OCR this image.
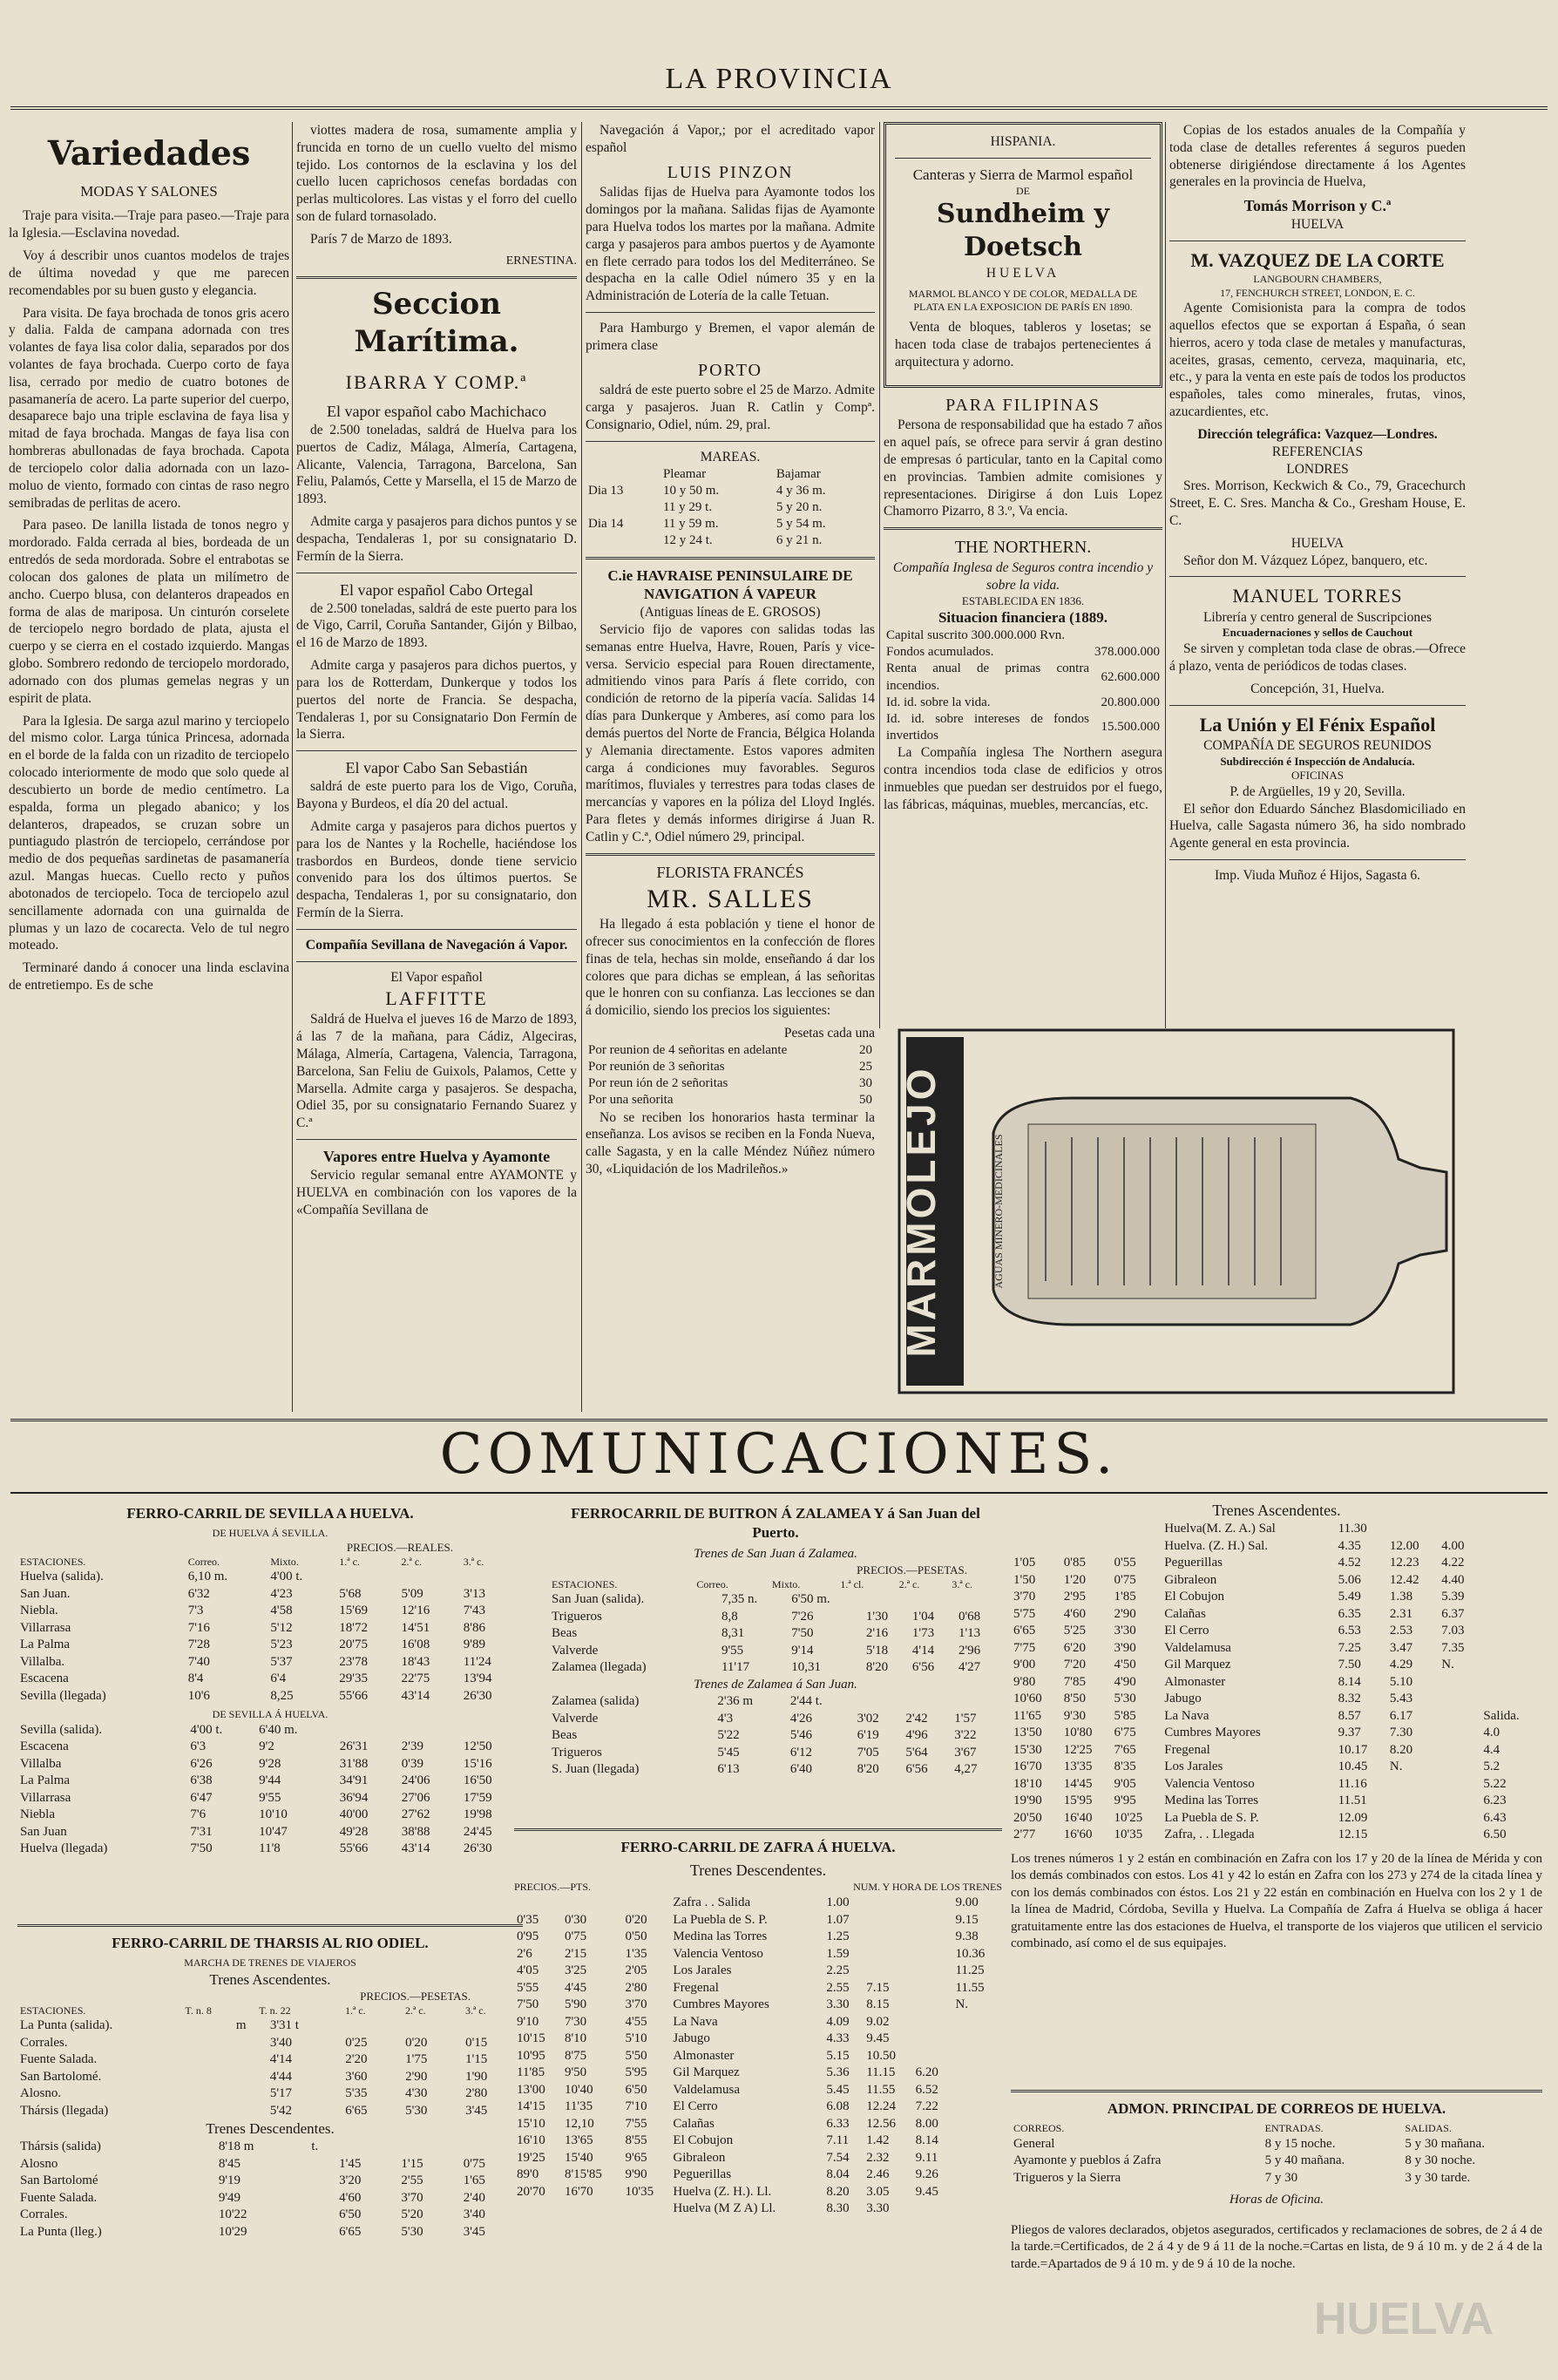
LA PROVINCIA
Variedades
MODAS Y SALONES

Traje para visita.—Traje para paseo.—Traje para la Iglesia.—Esclavina novedad.

Voy á describir unos cuantos modelos de trajes de última novedad y que me parecen recomendables por su buen gusto y elegancia.

Para visita. De faya brochada de tonos gris acero y dalia. Falda de campana adornada con tres volantes de faya lisa color dalia, separados por dos volantes de faya brochada. Cuerpo corto de faya lisa, cerrado por medio de cuatro botones de pasamanería de acero. La parte superior del cuerpo, desaparece bajo una triple esclavina de faya lisa y mitad de faya brochada. Mangas de faya lisa con hombreras abullonadas de faya brochada. Capota de terciopelo color dalia adornada con un lazo-moluo de viento, formado con cintas de raso negro semibradas de perlitas de acero.

Para paseo. De lanilla listada de tonos negro y mordorado. Falda cerrada al bies, bordeada de un entredós de seda mordorada. Sobre el entrabotas se colocan dos galones de plata un milímetro de ancho. Cuerpo blusa, con delanteros drapeados en forma de alas de mariposa. Un cinturón corselete de terciopelo negro bordado de plata, ajusta el cuerpo y se cierra en el costado izquierdo. Mangas globo. Sombrero redondo de terciopelo mordorado, adornado con dos plumas gemelas negras y un espirit de plata.

Para la Iglesia. De sarga azul marino y terciopelo del mismo color. Larga túnica Princesa, adornada en el borde de la falda con un rizadito de terciopelo colocado interiormente de modo que solo quede al descubierto un borde de medio centímetro. La espalda, forma un plegado abanico; y los delanteros, drapeados, se cruzan sobre un puntiagudo plastrón de terciopelo, cerrándose por medio de dos pequeñas sardinetas de pasamanería azul. Mangas huecas. Cuello recto y puños abotonados de terciopelo. Toca de terciopelo azul sencillamente adornada con una guirnalda de plumas y un lazo de cocarecta. Velo de tul negro moteado.

Terminaré dando á conocer una linda esclavina de entretiempo. Es de sche

viottes madera de rosa, sumamente amplia y fruncida en torno de un cuello vuelto del mismo tejido. Los contornos de la esclavina y los del cuello lucen caprichosos cenefas bordadas con perlas multicolores. Las vistas y el forro del cuello son de fulard tornasolado.

París 7 de Marzo de 1893.

ERNESTINA.
Seccion Marítima.
IBARRA Y COMP.ª
El vapor español cabo Machichaco

de 2.500 toneladas, saldrá de Huelva para los puertos de Cadiz, Málaga, Almería, Cartagena, Alicante, Valencia, Tarragona, Barcelona, San Feliu, Palamós, Cette y Marsella, el 15 de Marzo de 1893.

Admite carga y pasajeros para dichos puntos y se despacha, Tendaleras 1, por su consignatario D. Fermín de la Sierra.

El vapor español Cabo Ortegal

de 2.500 toneladas, saldrá de este puerto para los de Vigo, Carril, Coruña Santander, Gijón y Bilbao, el 16 de Marzo de 1893.

Admite carga y pasajeros para dichos puertos, y para los de Rotterdam, Dunkerque y todos los puertos del norte de Francia. Se despacha, Tendaleras 1, por su Consignatario Don Fermín de la Sierra.

El vapor Cabo San Sebastián

saldrá de este puerto para los de Vigo, Coruña, Bayona y Burdeos, el día 20 del actual.

Admite carga y pasajeros para dichos puertos y para los de Nantes y la Rochelle, haciéndose los trasbordos en Burdeos, donde tiene servicio convenido para los dos últimos puertos. Se despacha, Tendaleras 1, por su consignatario, don Fermín de la Sierra.

Compañía Sevillana de Navegación á Vapor.
El Vapor español
LAFFITTE

Saldrá de Huelva el jueves 16 de Marzo de 1893, á las 7 de la mañana, para Cádiz, Algeciras, Málaga, Almería, Cartagena, Valencia, Tarragona, Barcelona, San Feliu de Guixols, Palamos, Cette y Marsella. Admite carga y pasajeros. Se despacha, Odiel 35, por su consignatario Fernando Suarez y C.ª

Vapores entre Huelva y Ayamonte

Servicio regular semanal entre AYAMONTE y HUELVA en combinación con los vapores de la «Compañía Sevillana de

Navegación á Vapor,; por el acreditado vapor español

LUIS PINZON

Salidas fijas de Huelva para Ayamonte todos los domingos por la mañana. Salidas fijas de Ayamonte para Huelva todos los martes por la mañana. Admite carga y pasajeros para ambos puertos y de Ayamonte en flete cerrado para todos los del Mediterráneo. Se despacha en la calle Odiel número 35 y en la Administración de Lotería de la calle Tetuan.

Para Hamburgo y Bremen, el vapor alemán de primera clase

PORTO

saldrá de este puerto sobre el 25 de Marzo. Admite carga y pasajeros. Juan R. Catlin y Compª. Consignario, Odiel, núm. 29, pral.

MAREAS.
	Pleamar	Bajamar
Dia 13	10 y 50 m.	4 y 36 m.
	11 y 29 t.	5 y 20 n.
Dia 14	11 y 59 m.	5 y 54 m.
	12 y 24 t.	6 y 21 n.
C.ie HAVRAISE PENINSULAIRE DE NAVIGATION Á VAPEUR
(Antiguas líneas de E. GROSOS)

Servicio fijo de vapores con salidas todas las semanas entre Huelva, Havre, Rouen, París y vice-versa. Servicio especial para Rouen directamente, admitiendo vinos para París á flete corrido, con condición de retorno de la pipería vacía. Salidas 14 días para Dunkerque y Amberes, así como para los demás puertos del Norte de Francia, Bélgica Holanda y Alemania directamente. Estos vapores admiten carga á condiciones muy favorables. Seguros marítimos, fluviales y terrestres para todas clases de mercancías y vapores en la póliza del Lloyd Inglés. Para fletes y demás informes dirigirse á Juan R. Catlin y C.ª, Odiel número 29, principal.

FLORISTA FRANCÉS
MR. SALLES

Ha llegado á esta población y tiene el honor de ofrecer sus conocimientos en la confección de flores finas de tela, hechas sin molde, enseñando á dar los colores que para dichas se emplean, á las señoritas que le honren con su confianza. Las lecciones se dan á domicilio, siendo los precios los siguientes:

Pesetas cada una
Por reunion de 4 señoritas en adelante	20
Por reunión de 3 señoritas	25
Por reun ión de 2 señoritas	30
Por una señorita	50

No se reciben los honorarios hasta terminar la enseñanza. Los avisos se reciben en la Fonda Nueva, calle Sagasta, y en la calle Méndez Núñez número 30, «Liquidación de los Madrileños.»

HISPANIA.
Canteras y Sierra de Marmol español
DE
Sundheim y Doetsch
HUELVA
MARMOL BLANCO Y DE COLOR, MEDALLA DE PLATA EN LA EXPOSICION DE PARÍS EN 1890.

Venta de bloques, tableros y losetas; se hacen toda clase de trabajos pertenecientes á arquitectura y adorno.

PARA FILIPINAS

Persona de responsabilidad que ha estado 7 años en aquel país, se ofrece para servir á gran destino de empresas ó particular, tanto en la Capital como en provincias. Tambien admite comisiones y representaciones. Dirigirse á don Luis Lopez Chamorro Pizarro, 8 3.º, Va encia.

THE NORTHERN.
Compañía Inglesa de Seguros contra incendio y sobre la vida.
ESTABLECIDA EN 1836.
Situacion financiera (1889.
Capital suscrito 300.000.000 Rvn.	
Fondos acumulados.	378.000.000
Renta anual de primas contra incendios.	62.600.000
Id. id. sobre la vida.	20.800.000
Id. id. sobre intereses de fondos invertidos	15.500.000

La Compañía inglesa The Northern asegura contra incendios toda clase de edificios y otros inmuebles que puedan ser destruidos por el fuego, las fábricas, máquinas, muebles, mercancías, etc.

Copias de los estados anuales de la Compañía y toda clase de detalles referentes á seguros pueden obtenerse dirigiéndose directamente á los Agentes generales en la provincia de Huelva,

Tomás Morrison y C.ª
HUELVA
M. VAZQUEZ DE LA CORTE
LANGBOURN CHAMBERS,
17, FENCHURCH STREET, LONDON, E. C.

Agente Comisionista para la compra de todos aquellos efectos que se exportan á España, ó sean hierros, acero y toda clase de metales y manufacturas, aceites, grasas, cemento, cerveza, maquinaria, etc, etc., y para la venta en este país de todos los productos españoles, tales como minerales, frutas, vinos, azucardientes, etc.

Dirección telegráfica: Vazquez—Londres.
REFERENCIAS
LONDRES

Sres. Morrison, Keckwich & Co., 79, Gracechurch Street, E. C. Sres. Mancha & Co., Gresham House, E. C.

HUELVA

Señor don M. Vázquez López, banquero, etc.

MANUEL TORRES
Librería y centro general de Suscripciones
Encuadernaciones y sellos de Cauchout

Se sirven y completan toda clase de obras.—Ofrece á plazo, venta de periódicos de todas clases.

Concepción, 31, Huelva.
La Unión y El Fénix Español
COMPAÑÍA DE SEGUROS REUNIDOS
Subdirección é Inspección de Andalucía.
OFICINAS
P. de Argüelles, 19 y 20, Sevilla.

El señor don Eduardo Sánchez Blasdomiciliado en Huelva, calle Sagasta número 36, ha sido nombrado Agente general en esta provincia.

Imp. Viuda Muñoz é Hijos, Sagasta 6.
MARMOLEJO	AGUAS MINERO-MEDICINALES
COMUNICACIONES.
FERRO-CARRIL DE SEVILLA A HUELVA.
DE HUELVA Á SEVILLA.
PRECIOS.—REALES.
ESTACIONES.	Correo.	Mixto.	1.ª c.	2.ª c.	3.ª c.
Huelva (salida).	6,10 m.	4'00 t.			
San Juan.	6'32	4'23	5'68	5'09	3'13
Niebla.	7'3	4'58	15'69	12'16	7'43
Villarrasa	7'16	5'12	18'72	14'51	8'86
La Palma	7'28	5'23	20'75	16'08	9'89
Villalba.	7'40	5'37	23'78	18'43	11'24
Escacena	8'4	6'4	29'35	22'75	13'94
Sevilla (llegada)	10'6	8,25	55'66	43'14	26'30
DE SEVILLA Á HUELVA.
Sevilla (salida).	4'00 t.	6'40 m.			
Escacena	6'3	9'2	26'31	2'39	12'50
Villalba	6'26	9'28	31'88	0'39	15'16
La Palma	6'38	9'44	34'91	24'06	16'50
Villarrasa	6'47	9'55	36'94	27'06	17'59
Niebla	7'6	10'10	40'00	27'62	19'98
San Juan	7'31	10'47	49'28	38'88	24'45
Huelva (llegada)	7'50	11'8	55'66	43'14	26'30
FERRO-CARRIL DE THARSIS AL RIO ODIEL.
MARCHA DE TRENES DE VIAJEROS
Trenes Ascendentes.
PRECIOS.—PESETAS.
ESTACIONES.	T. n. 8	T. n. 22	1.ª c.	2.ª c.	3.ª c.
La Punta (salida).	m	3'31 t			
Corrales.		3'40	0'25	0'20	0'15
Fuente Salada.		4'14	2'20	1'75	1'15
San Bartolomé.		4'44	3'60	2'90	1'90
Alosno.		5'17	5'35	4'30	2'80
Thársis (llegada)		5'42	6'65	5'30	3'45
Trenes Descendentes.
Thársis (salida)	8'18 m	t.			
Alosno	8'45		1'45	1'15	0'75
San Bartolomé	9'19		3'20	2'55	1'65
Fuente Salada.	9'49		4'60	3'70	2'40
Corrales.	10'22		6'50	5'20	3'40
La Punta (lleg.)	10'29		6'65	5'30	3'45
FERROCARRIL DE BUITRON Á ZALAMEA Y á San Juan del Puerto.
Trenes de San Juan á Zalamea.
PRECIOS.—PESETAS.
ESTACIONES.	Correo.	Mixto.	1.ª cl.	2.ª c.	3.ª c.
San Juan (salida).	7,35 n.	6'50 m.			
Trigueros	8,8	7'26	1'30	1'04	0'68
Beas	8,31	7'50	2'16	1'73	1'13
Valverde	9'55	9'14	5'18	4'14	2'96
Zalamea (llegada)	11'17	10,31	8'20	6'56	4'27
Trenes de Zalamea á San Juan.
Zalamea (salida)	2'36 m	2'44 t.			
Valverde	4'3	4'26	3'02	2'42	1'57
Beas	5'22	5'46	6'19	4'96	3'22
Trigueros	5'45	6'12	7'05	5'64	3'67
S. Juan (llegada)	6'13	6'40	8'20	6'56	4,27
FERRO-CARRIL DE ZAFRA Á HUELVA.
Trenes Descendentes.
PRECIOS.—PTS.	NUM. Y HORA DE LOS TRENES
			Zafra . . Salida	1.00			9.00
0'35	0'30	0'20	La Puebla de S. P.	1.07			9.15
0'95	0'75	0'50	Medina las Torres	1.25			9.38
2'6	2'15	1'35	Valencia Ventoso	1.59			10.36
4'05	3'25	2'05	Los Jarales	2.25			11.25
5'55	4'45	2'80	Fregenal	2.55	7.15		11.55
7'50	5'90	3'70	Cumbres Mayores	3.30	8.15		N.
9'10	7'30	4'55	La Nava	4.09	9.02		
10'15	8'10	5'10	Jabugo	4.33	9.45		
10'95	8'75	5'50	Almonaster	5.15	10.50		
11'85	9'50	5'95	Gil Marquez	5.36	11.15	6.20	
13'00	10'40	6'50	Valdelamusa	5.45	11.55	6.52	
14'15	11'35	7'10	El Cerro	6.08	12.24	7.22	
15'10	12,10	7'55	Calañas	6.33	12.56	8.00	
16'10	13'65	8'55	El Cobujon	7.11	1.42	8.14	
19'25	15'40	9'65	Gibraleon	7.54	2.32	9.11	
89'0	8'15'85	9'90	Peguerillas	8.04	2.46	9.26	
20'70	16'70	10'35	Huelva (Z. H.). Ll.	8.20	3.05	9.45	
			Huelva (M Z A) Ll.	8.30	3.30		
Trenes Ascendentes.
			Huelva(M. Z. A.) Sal	11.30			
			Huelva. (Z. H.) Sal.	4.35	12.00	4.00	
1'05	0'85	0'55	Peguerillas	4.52	12.23	4.22	
1'50	1'20	0'75	Gibraleon	5.06	12.42	4.40	
3'70	2'95	1'85	El Cobujon	5.49	1.38	5.39	
5'75	4'60	2'90	Calañas	6.35	2.31	6.37	
6'65	5'25	3'30	El Cerro	6.53	2.53	7.03	
7'75	6'20	3'90	Valdelamusa	7.25	3.47	7.35	
9'00	7'20	4'50	Gil Marquez	7.50	4.29	N.	
9'80	7'85	4'90	Almonaster	8.14	5.10		
10'60	8'50	5'30	Jabugo	8.32	5.43		
11'65	9'30	5'85	La Nava	8.57	6.17		Salida.
13'50	10'80	6'75	Cumbres Mayores	9.37	7.30		4.0
15'30	12'25	7'65	Fregenal	10.17	8.20		4.4
16'70	13'35	8'35	Los Jarales	10.45	N.		5.2
18'10	14'45	9'05	Valencia Ventoso	11.16			5.22
19'90	15'95	9'95	Medina las Torres	11.51			6.23
20'50	16'40	10'25	La Puebla de S. P.	12.09			6.43
2'77	16'60	10'35	Zafra, . . Llegada	12.15			6.50

Los trenes números 1 y 2 están en combinación en Zafra con los 17 y 20 de la línea de Mérida y con los demás combinados con estos. Los 41 y 42 lo están en Zafra con los 273 y 274 de la citada línea y con los demás combinados con éstos. Los 21 y 22 están en combinación en Huelva con los 2 y 1 de la línea de Madrid, Córdoba, Sevilla y Huelva. La Compañía de Zafra á Huelva se obliga á hacer gratuitamente entre las dos estaciones de Huelva, el transporte de los viajeros que utilicen el servicio combinado, así como el de sus equipajes.

ADMON. PRINCIPAL DE CORREOS DE HUELVA.
CORREOS.	ENTRADAS.	SALIDAS.
General	8 y 15 noche.	5 y 30 mañana.
Ayamonte y pueblos á Zafra	5 y 40 mañana.	8 y 30 noche.
Trigueros y la Sierra	7 y 30	3 y 30 tarde.
Horas de Oficina.

Pliegos de valores declarados, objetos asegurados, certificados y reclamaciones de sobres, de 2 á 4 de la tarde.=Certificados, de 2 á 4 y de 9 á 11 de la noche.=Cartas en lista, de 9 á 10 m. y de 2 á 4 de la tarde.=Apartados de 9 á 10 m. y de 9 á 10 de la noche.

HUELVA
